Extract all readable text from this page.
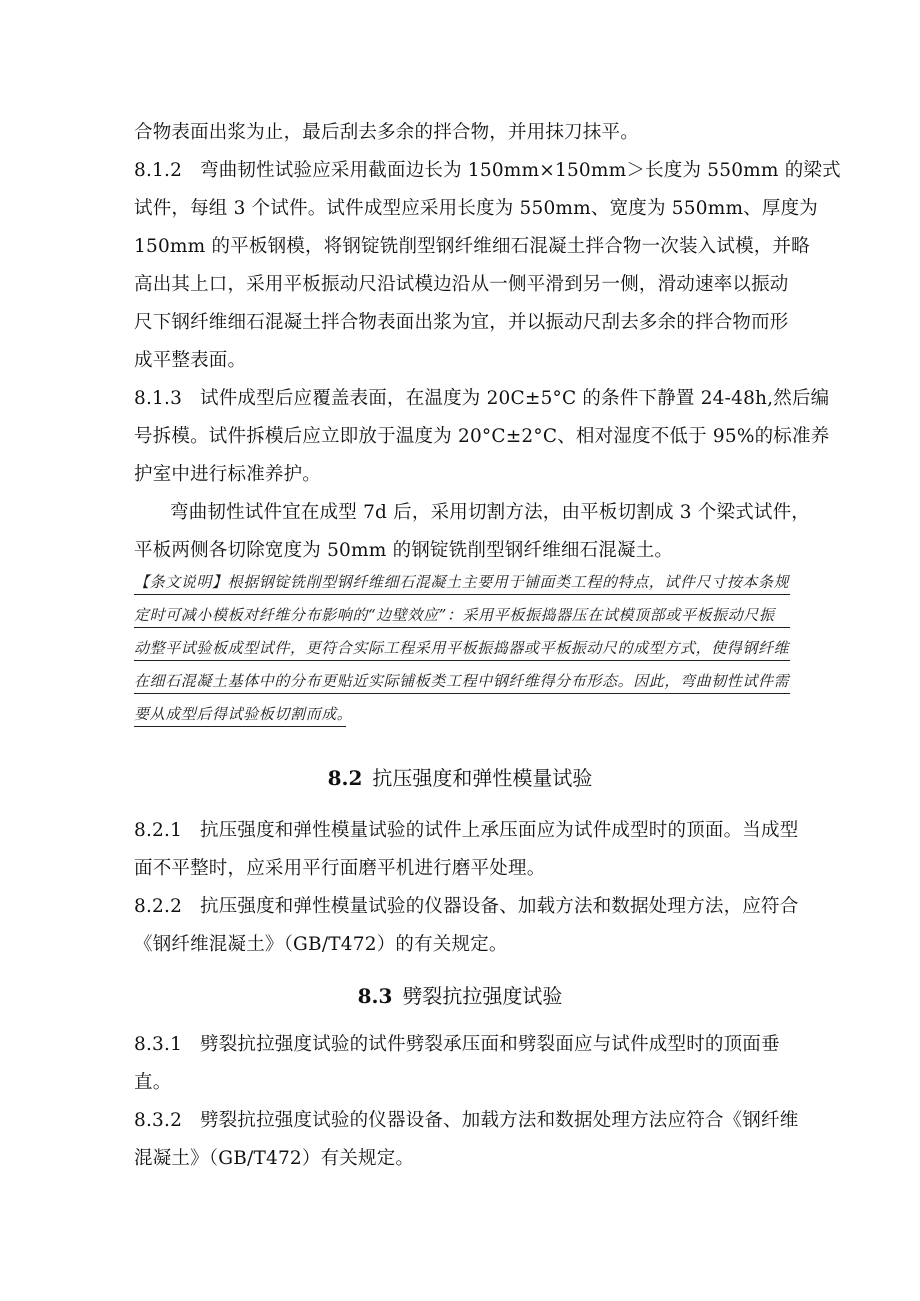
合物表面出浆为止，最后刮去多余的拌合物，并用抹刀抹平。
8.1.2 弯曲韧性试验应采用截面边长为 150mm×150mm＞长度为 550mm 的梁式
试件，每组 3 个试件。试件成型应采用长度为 550mm、宽度为 550mm、厚度为
150mm 的平板钢模，将钢锭铣削型钢纤维细石混凝土拌合物一次装入试模，并略
高出其上口，采用平板振动尺沿试模边沿从一侧平滑到另一侧，滑动速率以振动
尺下钢纤维细石混凝土拌合物表面出浆为宜，并以振动尺刮去多余的拌合物而形
成平整表面。
8.1.3 试件成型后应覆盖表面，在温度为 20C±5°C 的条件下静置 24-48h,然后编
号拆模。试件拆模后应立即放于温度为 20°C±2°C、相对湿度不低于 95%的标准养
护室中进行标准养护。
弯曲韧性试件宜在成型 7d 后，采用切割方法，由平板切割成 3 个梁式试件，
平板两侧各切除宽度为 50mm 的钢锭铣削型钢纤维细石混凝土。
【条文说明】根据钢锭铣削型钢纤维细石混凝土主要用于铺面类工程的特点，试件尺寸按本条规
定时可减小模板对纤维分布影响的“边壁效应”：采用平板振捣器压在试模顶部或平板振动尺振
动整平试验板成型试件，更符合实际工程采用平板振捣器或平板振动尺的成型方式，使得钢纤维
在细石混凝土基体中的分布更贴近实际铺板类工程中钢纤维得分布形态。因此，弯曲韧性试件需
要从成型后得试验板切割而成。
8.2 抗压强度和弹性模量试验
8.2.1 抗压强度和弹性模量试验的试件上承压面应为试件成型时的顶面。当成型
面不平整时，应采用平行面磨平机进行磨平处理。
8.2.2 抗压强度和弹性模量试验的仪器设备、加载方法和数据处理方法，应符合
《钢纤维混凝土》（GB/T472）的有关规定。
8.3 劈裂抗拉强度试验
8.3.1 劈裂抗拉强度试验的试件劈裂承压面和劈裂面应与试件成型时的顶面垂
直。
8.3.2 劈裂抗拉强度试验的仪器设备、加载方法和数据处理方法应符合《钢纤维
混凝土》（GB/T472）有关规定。
